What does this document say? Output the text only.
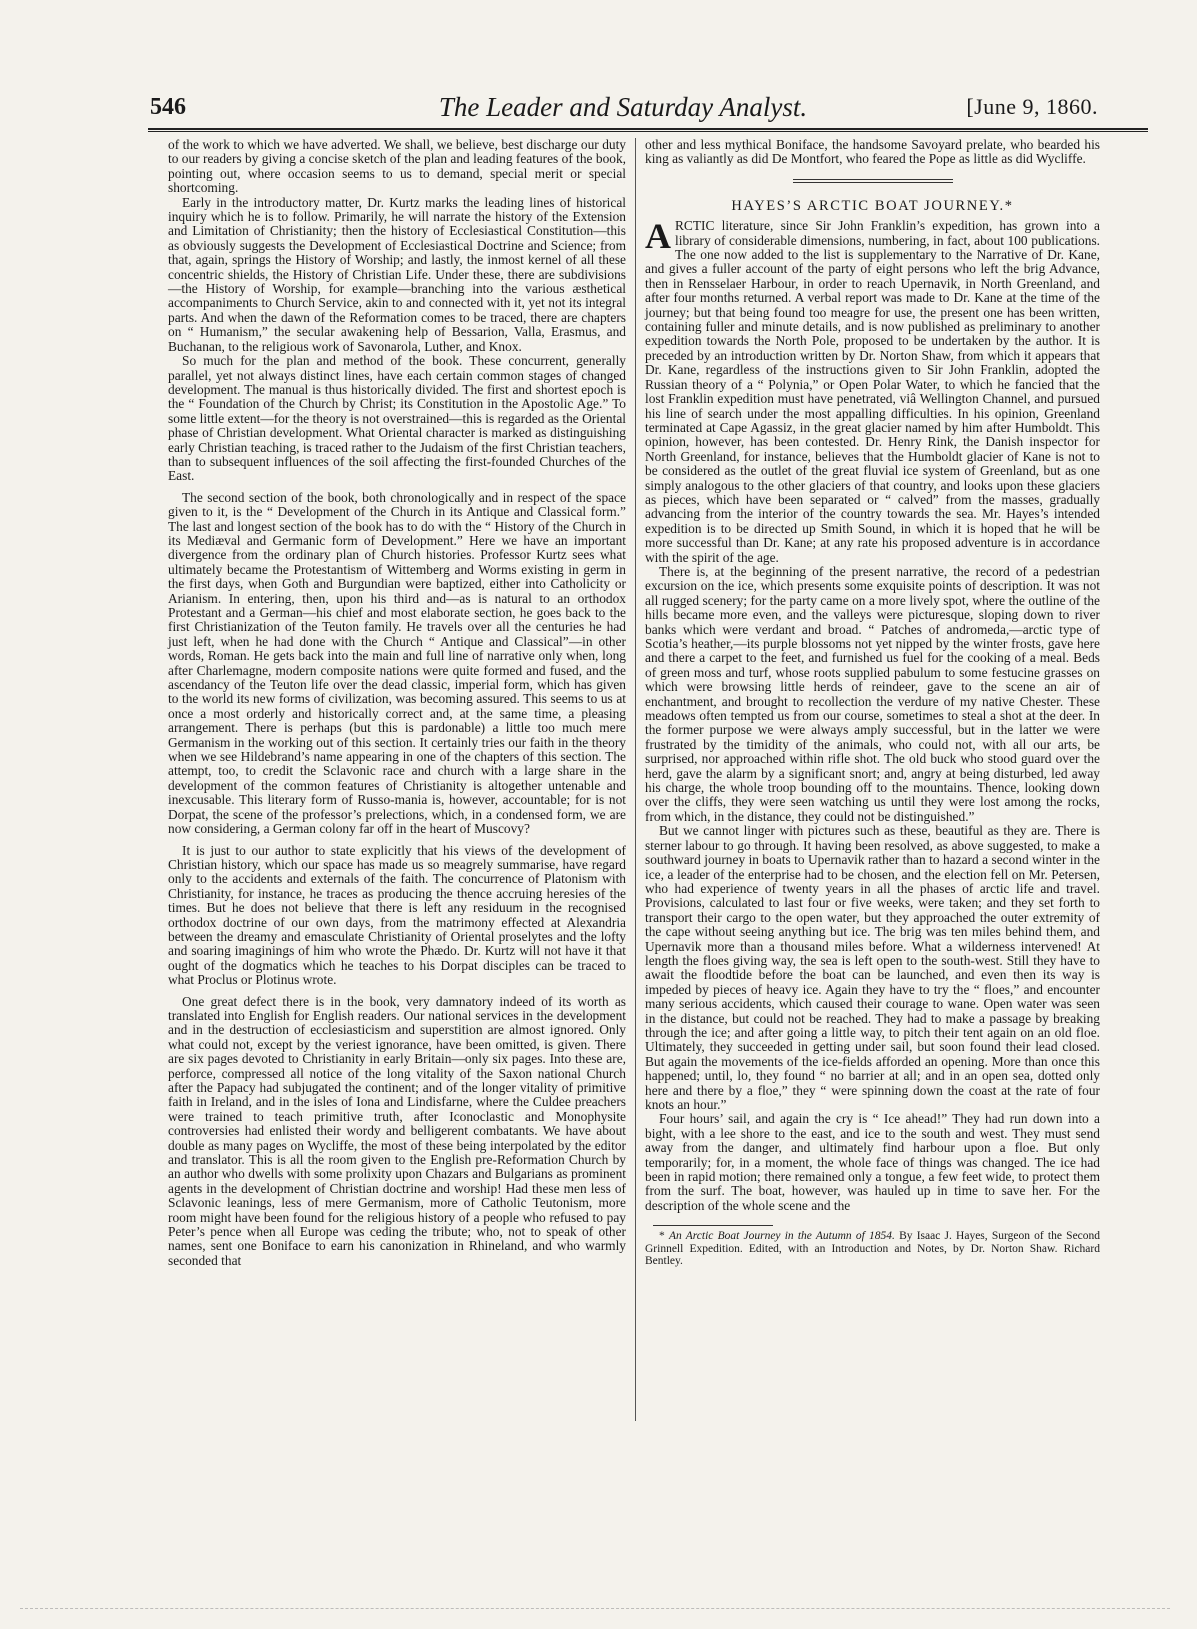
546	The Leader and Saturday Analyst.	[June 9, 1860.

of the work to which we have adverted. We shall, we believe, best discharge our duty to our readers by giving a concise sketch of the plan and leading features of the book, pointing out, where occasion seems to us to demand, special merit or special shortcoming.

Early in the introductory matter, Dr. Kurtz marks the leading lines of historical inquiry which he is to follow. Primarily, he will narrate the history of the Extension and Limitation of Christianity; then the history of Ecclesiastical Constitution—this as obviously suggests the Development of Ecclesiastical Doctrine and Science; from that, again, springs the History of Worship; and lastly, the inmost kernel of all these concentric shields, the History of Christian Life. Under these, there are subdivisions—the History of Worship, for example—branching into the various æsthetical accompaniments to Church Service, akin to and connected with it, yet not its integral parts. And when the dawn of the Reformation comes to be traced, there are chapters on “ Humanism,” the secular awakening help of Bessarion, Valla, Erasmus, and Buchanan, to the religious work of Savonarola, Luther, and Knox.

So much for the plan and method of the book. These concurrent, generally parallel, yet not always distinct lines, have each certain common stages of changed development. The manual is thus historically divided. The first and shortest epoch is the “ Foundation of the Church by Christ; its Constitution in the Apostolic Age.” To some little extent—for the theory is not overstrained—this is regarded as the Oriental phase of Christian development. What Oriental character is marked as distinguishing early Christian teaching, is traced rather to the Judaism of the first Christian teachers, than to subsequent influences of the soil affecting the first-founded Churches of the East.

The second section of the book, both chronologically and in respect of the space given to it, is the “ Development of the Church in its Antique and Classical form.” The last and longest section of the book has to do with the “ History of the Church in its Mediæval and Germanic form of Development.” Here we have an important divergence from the ordinary plan of Church histories. Professor Kurtz sees what ultimately became the Protestantism of Wittemberg and Worms existing in germ in the first days, when Goth and Burgundian were baptized, either into Catholicity or Arianism. In entering, then, upon his third and—as is natural to an orthodox Protestant and a German—his chief and most elaborate section, he goes back to the first Christianization of the Teuton family. He travels over all the centuries he had just left, when he had done with the Church “ Antique and Classical”—in other words, Roman. He gets back into the main and full line of narrative only when, long after Charlemagne, modern composite nations were quite formed and fused, and the ascendancy of the Teuton life over the dead classic, imperial form, which has given to the world its new forms of civilization, was becoming assured. This seems to us at once a most orderly and historically correct and, at the same time, a pleasing arrangement. There is perhaps (but this is pardonable) a little too much mere Germanism in the working out of this section. It certainly tries our faith in the theory when we see Hildebrand’s name appearing in one of the chapters of this section. The attempt, too, to credit the Sclavonic race and church with a large share in the development of the common features of Christianity is altogether untenable and inexcusable. This literary form of Russo-mania is, however, accountable; for is not Dorpat, the scene of the professor’s prelections, which, in a condensed form, we are now considering, a German colony far off in the heart of Muscovy?

It is just to our author to state explicitly that his views of the development of Christian history, which our space has made us so meagrely summarise, have regard only to the accidents and externals of the faith. The concurrence of Platonism with Christianity, for instance, he traces as producing the thence accruing heresies of the times. But he does not believe that there is left any residuum in the recognised orthodox doctrine of our own days, from the matrimony effected at Alexandria between the dreamy and emasculate Christianity of Oriental proselytes and the lofty and soaring imaginings of him who wrote the Phædo. Dr. Kurtz will not have it that ought of the dogmatics which he teaches to his Dorpat disciples can be traced to what Proclus or Plotinus wrote.

One great defect there is in the book, very damnatory indeed of its worth as translated into English for English readers. Our national services in the development and in the destruction of ecclesiasticism and superstition are almost ignored. Only what could not, except by the veriest ignorance, have been omitted, is given. There are six pages devoted to Christianity in early Britain—only six pages. Into these are, perforce, compressed all notice of the long vitality of the Saxon national Church after the Papacy had subjugated the continent; and of the longer vitality of primitive faith in Ireland, and in the isles of Iona and Lindisfarne, where the Culdee preachers were trained to teach primitive truth, after Iconoclastic and Monophysite controversies had enlisted their wordy and belligerent combatants. We have about double as many pages on Wycliffe, the most of these being interpolated by the editor and translator. This is all the room given to the English pre-Reformation Church by an author who dwells with some prolixity upon Chazars and Bulgarians as prominent agents in the development of Christian doctrine and worship! Had these men less of Sclavonic leanings, less of mere Germanism, more of Catholic Teutonism, more room might have been found for the religious history of a people who refused to pay Peter’s pence when all Europe was ceding the tribute; who, not to speak of other names, sent one Boniface to earn his canonization in Rhineland, and who warmly seconded that

other and less mythical Boniface, the handsome Savoyard prelate, who bearded his king as valiantly as did De Montfort, who feared the Pope as little as did Wycliffe.

HAYES’S ARCTIC BOAT JOURNEY.*

ARCTIC literature, since Sir John Franklin’s expedition, has grown into a library of considerable dimensions, numbering, in fact, about 100 publications. The one now added to the list is supplementary to the Narrative of Dr. Kane, and gives a fuller account of the party of eight persons who left the brig Advance, then in Rensselaer Harbour, in order to reach Upernavik, in North Greenland, and after four months returned. A verbal report was made to Dr. Kane at the time of the journey; but that being found too meagre for use, the present one has been written, containing fuller and minute details, and is now published as preliminary to another expedition towards the North Pole, proposed to be undertaken by the author. It is preceded by an introduction written by Dr. Norton Shaw, from which it appears that Dr. Kane, regardless of the instructions given to Sir John Franklin, adopted the Russian theory of a “ Polynia,” or Open Polar Water, to which he fancied that the lost Franklin expedition must have penetrated, viâ Wellington Channel, and pursued his line of search under the most appalling difficulties. In his opinion, Greenland terminated at Cape Agassiz, in the great glacier named by him after Humboldt. This opinion, however, has been contested. Dr. Henry Rink, the Danish inspector for North Greenland, for instance, believes that the Humboldt glacier of Kane is not to be considered as the outlet of the great fluvial ice system of Greenland, but as one simply analogous to the other glaciers of that country, and looks upon these glaciers as pieces, which have been separated or “ calved” from the masses, gradually advancing from the interior of the country towards the sea. Mr. Hayes’s intended expedition is to be directed up Smith Sound, in which it is hoped that he will be more successful than Dr. Kane; at any rate his proposed adventure is in accordance with the spirit of the age.

There is, at the beginning of the present narrative, the record of a pedestrian excursion on the ice, which presents some exquisite points of description. It was not all rugged scenery; for the party came on a more lively spot, where the outline of the hills became more even, and the valleys were picturesque, sloping down to river banks which were verdant and broad. “ Patches of andromeda,—arctic type of Scotia’s heather,—its purple blossoms not yet nipped by the winter frosts, gave here and there a carpet to the feet, and furnished us fuel for the cooking of a meal. Beds of green moss and turf, whose roots supplied pabulum to some festucine grasses on which were browsing little herds of reindeer, gave to the scene an air of enchantment, and brought to recollection the verdure of my native Chester. These meadows often tempted us from our course, sometimes to steal a shot at the deer. In the former purpose we were always amply successful, but in the latter we were frustrated by the timidity of the animals, who could not, with all our arts, be surprised, nor approached within rifle shot. The old buck who stood guard over the herd, gave the alarm by a significant snort; and, angry at being disturbed, led away his charge, the whole troop bounding off to the mountains. Thence, looking down over the cliffs, they were seen watching us until they were lost among the rocks, from which, in the distance, they could not be distinguished.”

But we cannot linger with pictures such as these, beautiful as they are. There is sterner labour to go through. It having been resolved, as above suggested, to make a southward journey in boats to Upernavik rather than to hazard a second winter in the ice, a leader of the enterprise had to be chosen, and the election fell on Mr. Petersen, who had experience of twenty years in all the phases of arctic life and travel. Provisions, calculated to last four or five weeks, were taken; and they set forth to transport their cargo to the open water, but they approached the outer extremity of the cape without seeing anything but ice. The brig was ten miles behind them, and Upernavik more than a thousand miles before. What a wilderness intervened! At length the floes giving way, the sea is left open to the south-west. Still they have to await the floodtide before the boat can be launched, and even then its way is impeded by pieces of heavy ice. Again they have to try the “ floes,” and encounter many serious accidents, which caused their courage to wane. Open water was seen in the distance, but could not be reached. They had to make a passage by breaking through the ice; and after going a little way, to pitch their tent again on an old floe. Ultimately, they succeeded in getting under sail, but soon found their lead closed. But again the movements of the ice-fields afforded an opening. More than once this happened; until, lo, they found “ no barrier at all; and in an open sea, dotted only here and there by a floe,” they “ were spinning down the coast at the rate of four knots an hour.”

Four hours’ sail, and again the cry is “ Ice ahead!” They had run down into a bight, with a lee shore to the east, and ice to the south and west. They must send away from the danger, and ultimately find harbour upon a floe. But only temporarily; for, in a moment, the whole face of things was changed. The ice had been in rapid motion; there remained only a tongue, a few feet wide, to protect them from the surf. The boat, however, was hauled up in time to save her. For the description of the whole scene and the

* An Arctic Boat Journey in the Autumn of 1854. By Isaac J. Hayes, Surgeon of the Second Grinnell Expedition. Edited, with an Introduction and Notes, by Dr. Norton Shaw. Richard Bentley.
